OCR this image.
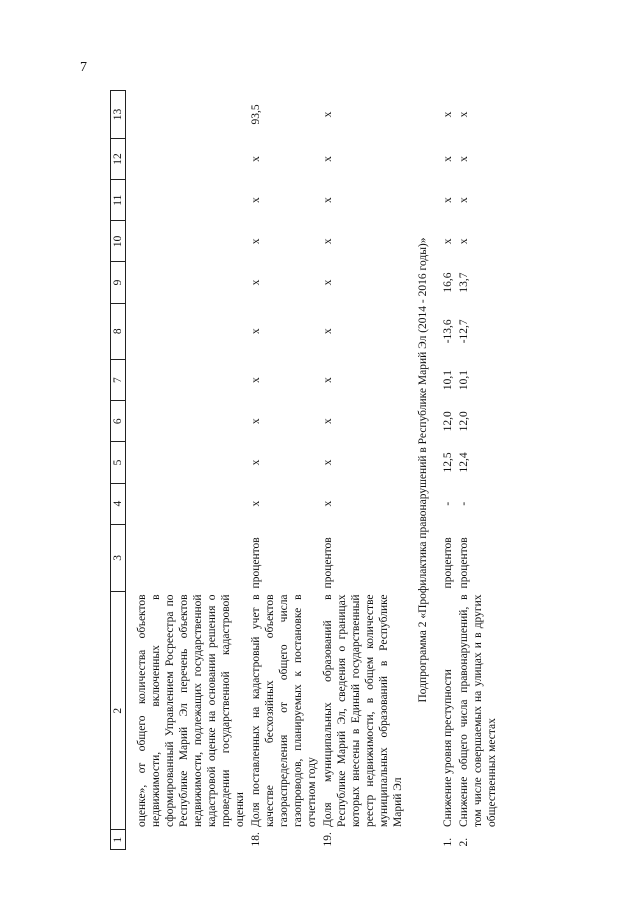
7
1	2	3	4	5	6	7	8	9	10	11	12	13

	оценке», от общего количества объектов недвижимости, включенных в сформированный Управлением Росреестра по Республике Марий Эл перечень объектов недвижимости, подлежащих государственной кадастровой оценке на основании решения о проведении государственной кадастровой оценки											
18.	Доля поставленных на кадастровый учет в качестве бесхозяйных объектов газораспределения от общего числа газопроводов, планируемых к постановке в отчетном году	процентов	x	x	x	x	x	x	x	x	x	93,5
19.	Доля муниципальных образований в Республике Марий Эл, сведения о границах которых внесены в Единый государственный реестр недвижимости, в общем количестве муниципальных образований в Республике Марий Эл	процентов	x	x	x	x	x	x	x	x	x	x
Подпрограмма 2 «Профилактика правонарушений в Республике Марий Эл (2014 - 2016 годы)»												
1.	Снижение уровня преступности	процентов	-	12,5	12,0	10,1	-13,6	16,6	x	x	x	x
2.	Снижение общего числа правонарушений, в том числе совершаемых на улицах и в других общественных местах	процентов	-	12,4	12,0	10,1	-12,7	13,7	x	x	x	x
